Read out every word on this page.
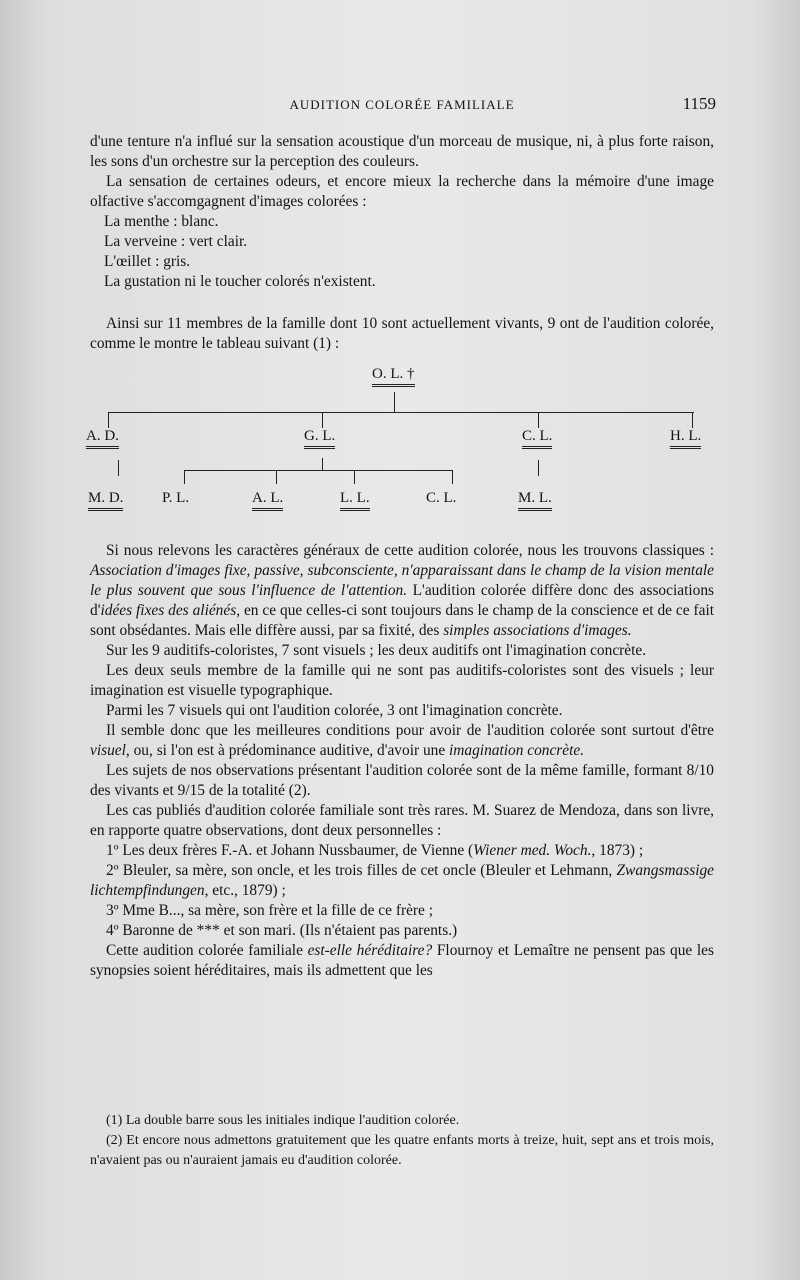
AUDITION COLORÉE FAMILIALE	1159

d'une tenture n'a influé sur la sensation acoustique d'un morceau de musique, ni, à plus forte raison, les sons d'un orchestre sur la perception des couleurs.

La sensation de certaines odeurs, et encore mieux la recherche dans la mémoire d'une image olfactive s'accomgagnent d'images colorées :

La menthe : blanc.

La verveine : vert clair.

L'œillet : gris.

La gustation ni le toucher colorés n'existent.

Ainsi sur 11 membres de la famille dont 10 sont actuellement vivants, 9 ont de l'audition colorée, comme le montre le tableau suivant (1) :

O. L. †
A. D.	G. L.	C. L.	H. L.
M. D.	P. L.	A. L.	L. L.	C. L.	M. L.

Si nous relevons les caractères généraux de cette audition colorée, nous les trouvons classiques : Association d'images fixe, passive, subconsciente, n'apparaissant dans le champ de la vision mentale le plus souvent que sous l'influence de l'attention. L'audition colorée diffère donc des associations d'idées fixes des aliénés, en ce que celles-ci sont toujours dans le champ de la conscience et de ce fait sont obsédantes. Mais elle diffère aussi, par sa fixité, des simples associations d'images.

Sur les 9 auditifs-coloristes, 7 sont visuels ; les deux auditifs ont l'imagination concrète.

Les deux seuls membre de la famille qui ne sont pas auditifs-coloristes sont des visuels ; leur imagination est visuelle typographique.

Parmi les 7 visuels qui ont l'audition colorée, 3 ont l'imagination concrète.

Il semble donc que les meilleures conditions pour avoir de l'audition colorée sont surtout d'être visuel, ou, si l'on est à prédominance auditive, d'avoir une imagination concrète.

Les sujets de nos observations présentant l'audition colorée sont de la même famille, formant 8/10 des vivants et 9/15 de la totalité (2).

Les cas publiés d'audition colorée familiale sont très rares. M. Suarez de Mendoza, dans son livre, en rapporte quatre observations, dont deux personnelles :

1º Les deux frères F.-A. et Johann Nussbaumer, de Vienne (Wiener med. Woch., 1873) ;

2º Bleuler, sa mère, son oncle, et les trois filles de cet oncle (Bleuler et Lehmann, Zwangsmassige lichtempfindungen, etc., 1879) ;

3º Mme B..., sa mère, son frère et la fille de ce frère ;

4º Baronne de *** et son mari. (Ils n'étaient pas parents.)

Cette audition colorée familiale est-elle héréditaire? Flournoy et Lemaître ne pensent pas que les synopsies soient héréditaires, mais ils admettent que les

(1) La double barre sous les initiales indique l'audition colorée.

(2) Et encore nous admettons gratuitement que les quatre enfants morts à treize, huit, sept ans et trois mois, n'avaient pas ou n'auraient jamais eu d'audition colorée.
